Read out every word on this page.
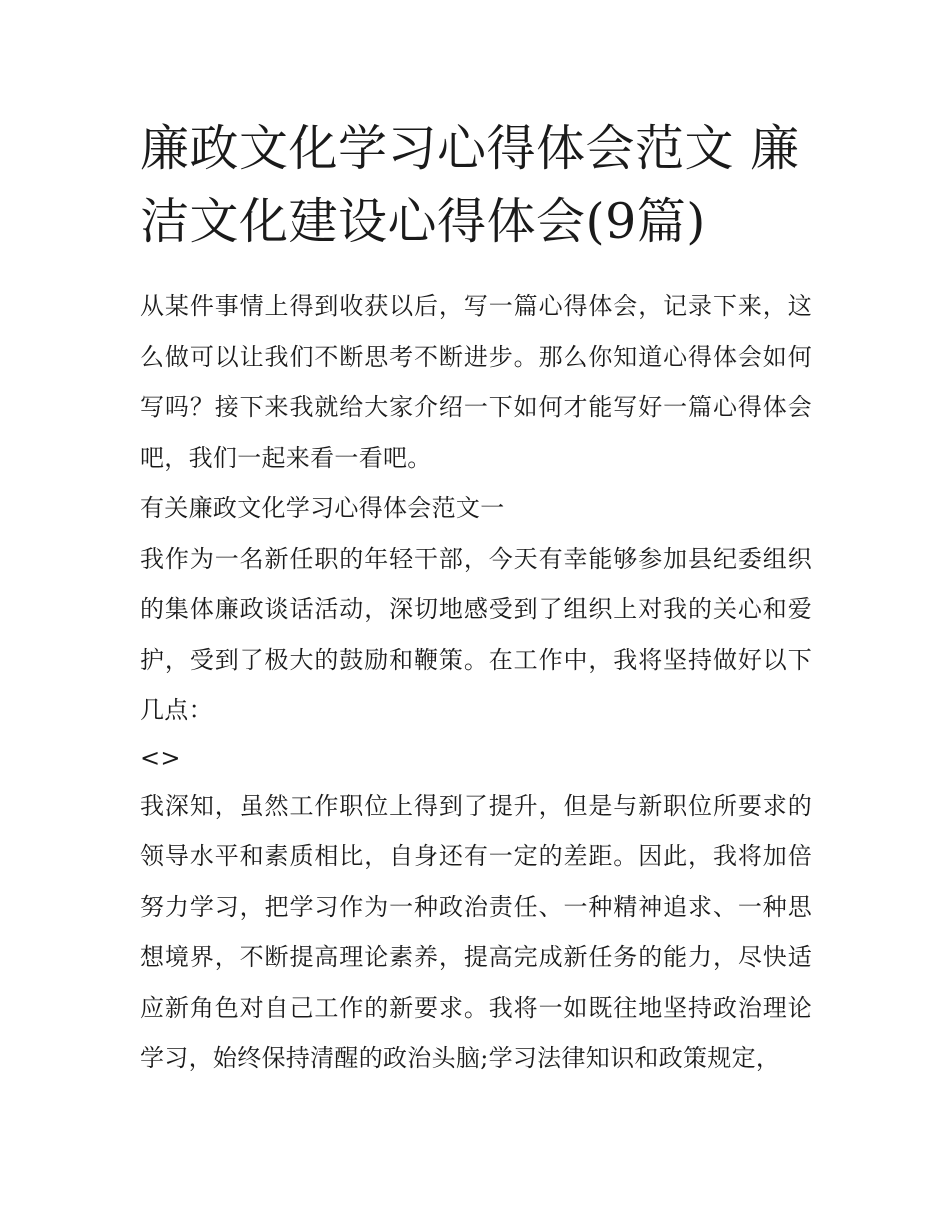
廉政文化学习心得体会范文 廉洁文化建设心得体会(9篇)

从某件事情上得到收获以后，写一篇心得体会，记录下来，这么做可以让我们不断思考不断进步。那么你知道心得体会如何写吗？接下来我就给大家介绍一下如何才能写好一篇心得体会吧，我们一起来看一看吧。

有关廉政文化学习心得体会范文一

我作为一名新任职的年轻干部，今天有幸能够参加县纪委组织的集体廉政谈话活动，深切地感受到了组织上对我的关心和爱护，受到了极大的鼓励和鞭策。在工作中，我将坚持做好以下几点：

<>

我深知，虽然工作职位上得到了提升，但是与新职位所要求的领导水平和素质相比，自身还有一定的差距。因此，我将加倍努力学习，把学习作为一种政治责任、一种精神追求、一种思想境界，不断提高理论素养，提高完成新任务的能力，尽快适应新角色对自己工作的新要求。我将一如既往地坚持政治理论学习，始终保持清醒的政治头脑;学习法律知识和政策规定，
